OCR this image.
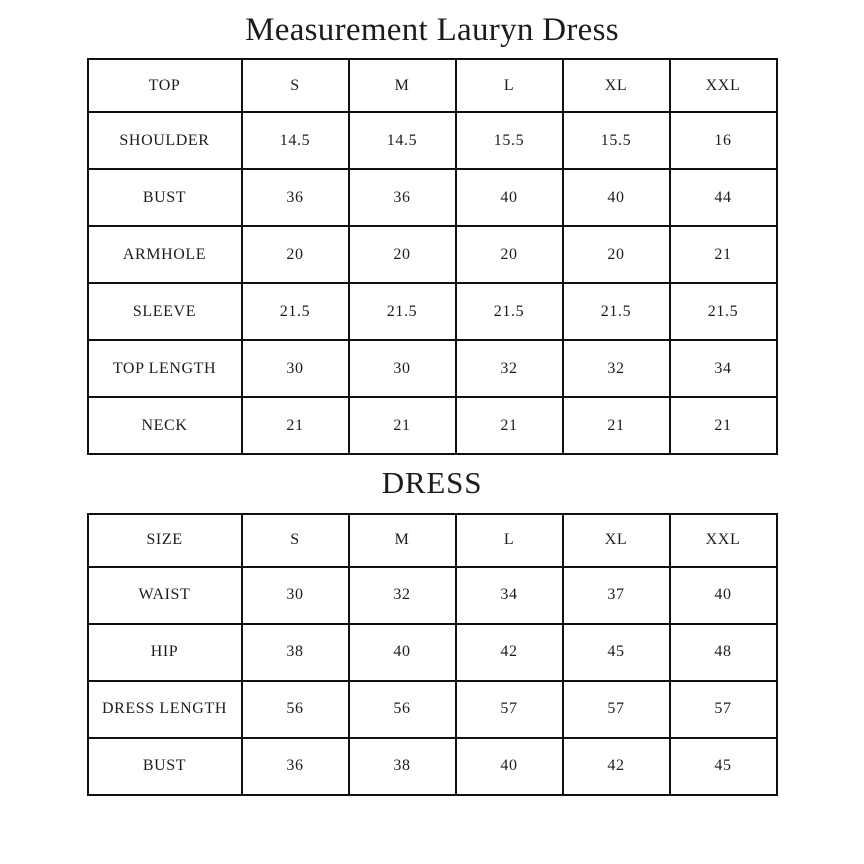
Measurement Lauryn Dress
TOP	S	M	L	XL	XXL
SHOULDER	14.5	14.5	15.5	15.5	16
BUST	36	36	40	40	44
ARMHOLE	20	20	20	20	21
SLEEVE	21.5	21.5	21.5	21.5	21.5
TOP LENGTH	30	30	32	32	34
NECK	21	21	21	21	21
DRESS
SIZE	S	M	L	XL	XXL
WAIST	30	32	34	37	40
HIP	38	40	42	45	48
DRESS LENGTH	56	56	57	57	57
BUST	36	38	40	42	45
